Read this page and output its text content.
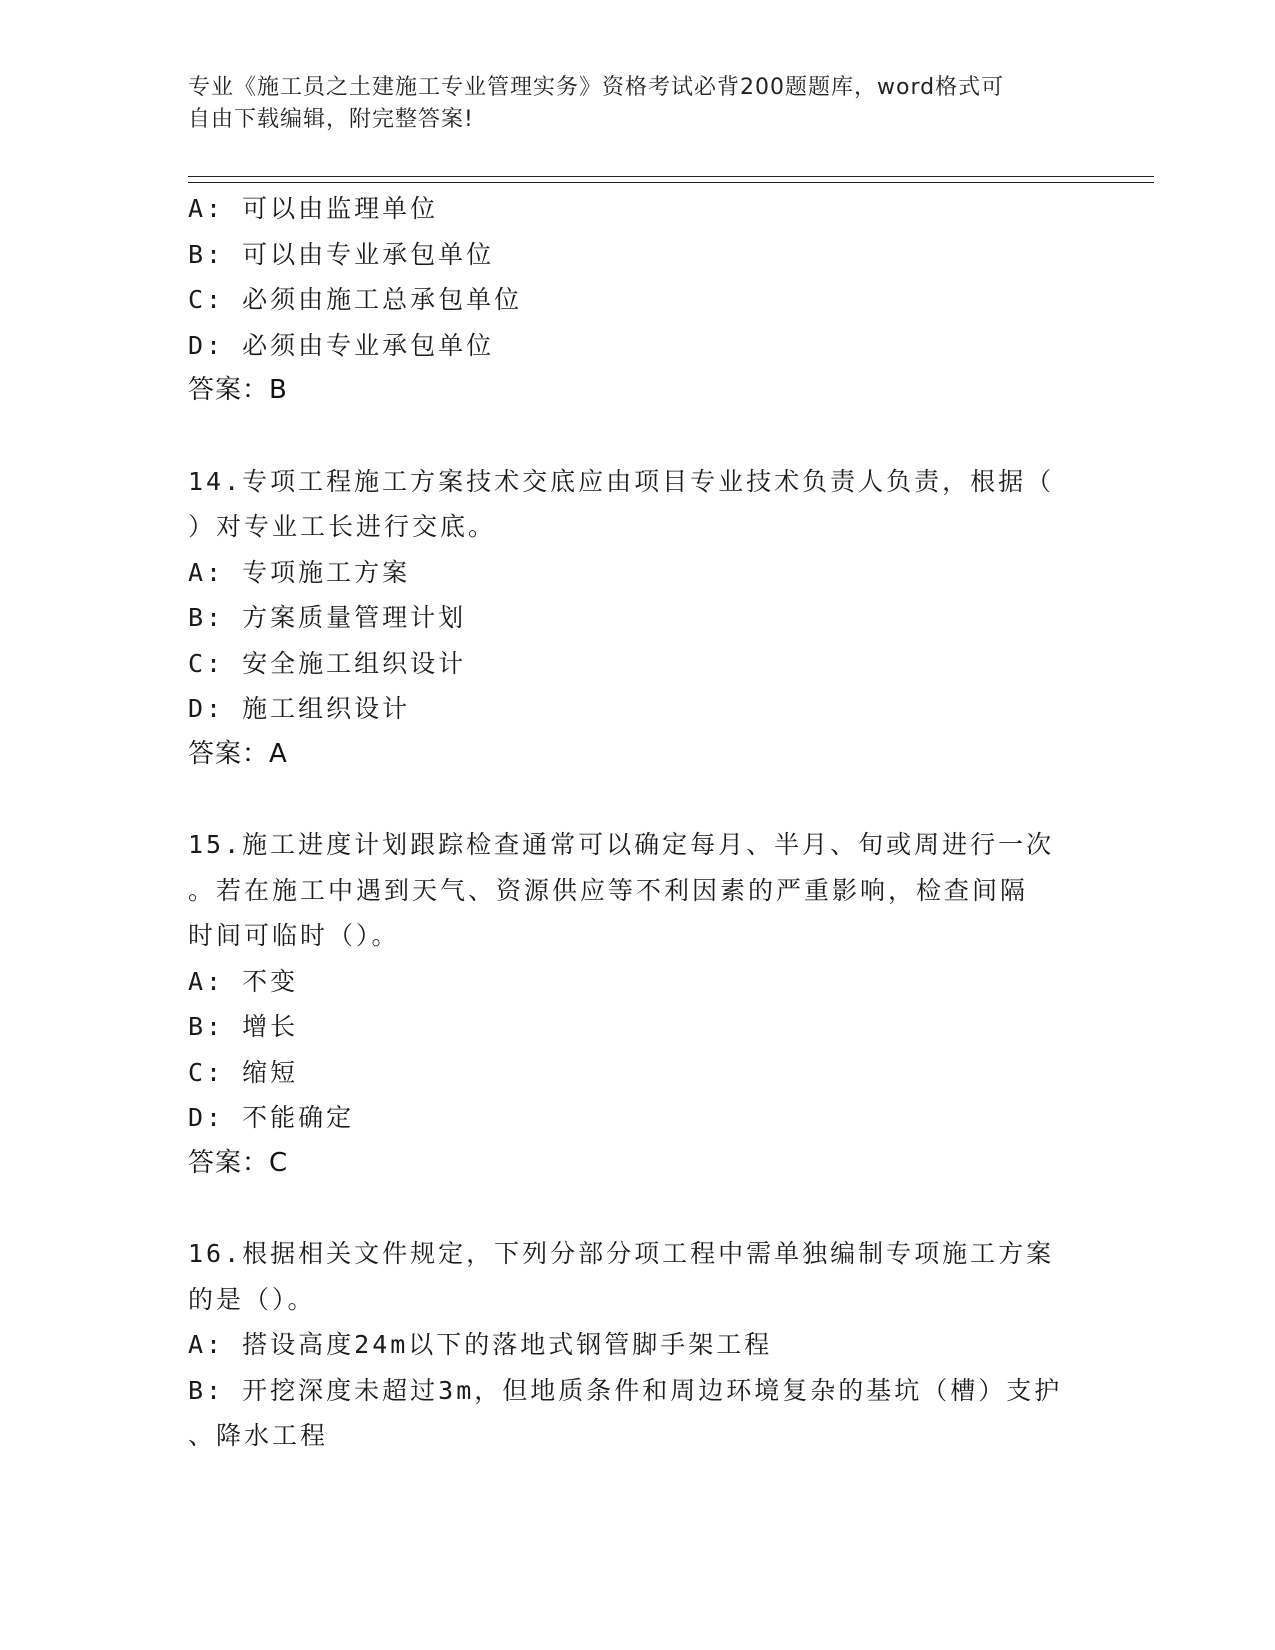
专业《施工员之土建施工专业管理实务》资格考试必背200题题库，word格式可
自由下载编辑，附完整答案!
A: 可以由监理单位
B: 可以由专业承包单位
C: 必须由施工总承包单位
D: 必须由专业承包单位
答案：B
14.专项工程施工方案技术交底应由项目专业技术负责人负责，根据（
）对专业工长进行交底。
A: 专项施工方案
B: 方案质量管理计划
C: 安全施工组织设计
D: 施工组织设计
答案：A
15.施工进度计划跟踪检查通常可以确定每月、半月、旬或周进行一次
。若在施工中遇到天气、资源供应等不利因素的严重影响，检查间隔
时间可临时（）。
A: 不变
B: 增长
C: 缩短
D: 不能确定
答案：C
16.根据相关文件规定，下列分部分项工程中需单独编制专项施工方案
的是（）。
A: 搭设高度24m以下的落地式钢管脚手架工程
B: 开挖深度未超过3m，但地质条件和周边环境复杂的基坑（槽）支护
、降水工程
